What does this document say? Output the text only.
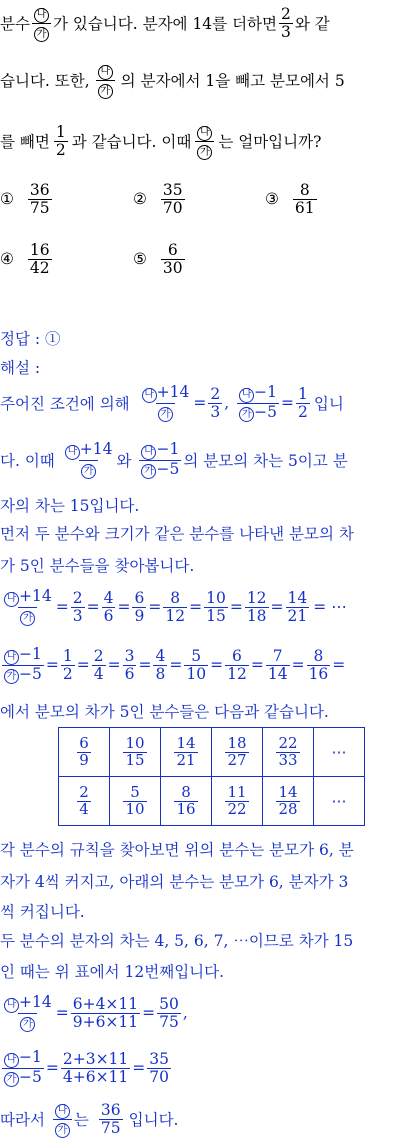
분수 $\frac{\text{나}}{\text{가}}$ 가 있습니다. 분자에 14를 더하면 $\frac{2}{3}$ 와 같
습니다. 또한, $\frac{\text{나}}{\text{가}}$ 의 분자에서 1을 빼고 분모에서 5
를 빼면 $\frac{1}{2}$ 과 같습니다. 이때 $\frac{\text{나}}{\text{가}}$ 는 얼마입니까?
① $\frac{36}{75}$	② $\frac{35}{70}$	③ $\frac{8}{61}$
④ $\frac{16}{42}$	⑤ $\frac{6}{30}$
정답 : ①
해설 :
주어진 조건에 의해 $\frac{\text{나 +14}}{\text{가}} = \frac{2}{3}$ , $\frac{\text{나 −1}}{\text{가 −5}} = \frac{1}{2}$ 입니
다. 이때 $\frac{\text{나 +14}}{\text{가}}$ 와 $\frac{\text{나 −1}}{\text{가 −5}}$ 의 분모의 차는 5이고 분
자의 차는 15입니다.
먼저 두 분수와 크기가 같은 분수를 나타낸 분모의 차
가 5인 분수들을 찾아봅니다.
$\frac{\text{나 +14}}{\text{가}} = \frac{2}{3} = \frac{4}{6} = \frac{6}{9} = \frac{8}{12} = \frac{10}{15} = \frac{12}{18} = \frac{14}{21}$ = ⋯
$\frac{\text{나 −1}}{\text{가 −5}} = \frac{1}{2} = \frac{2}{4} = \frac{3}{6} = \frac{4}{8} = \frac{5}{10} = \frac{6}{12} = \frac{7}{14} = \frac{8}{16}$ =
에서 분모의 차가 5인 분수들은 다음과 같습니다.
$\frac{6}{9}$	$\frac{10}{15}$	$\frac{14}{21}$	$\frac{18}{27}$	$\frac{22}{33}$	⋯

$\frac{2}{4}$	$\frac{5}{10}$	$\frac{8}{16}$	$\frac{11}{22}$	$\frac{14}{28}$	⋯
각 분수의 규칙을 찾아보면 위의 분수는 분모가 6, 분
자가 4씩 커지고, 아래의 분수는 분모가 6, 분자가 3
씩 커집니다.
두 분수의 분자의 차는 4, 5, 6, 7, ⋯이므로 차가 15
인 때는 위 표에서 12번째입니다.
$\frac{\text{나 +14}}{\text{가}} = \frac{6+4\times 11}{9+6\times 11} = \frac{50}{75}$ ,
$\frac{\text{나 −1}}{\text{가 −5}} = \frac{2+3\times 11}{4+6\times 11} = \frac{35}{70}$
따라서 $\frac{\text{나}}{\text{가}}$ 는 $\frac{36}{75}$ 입니다.
